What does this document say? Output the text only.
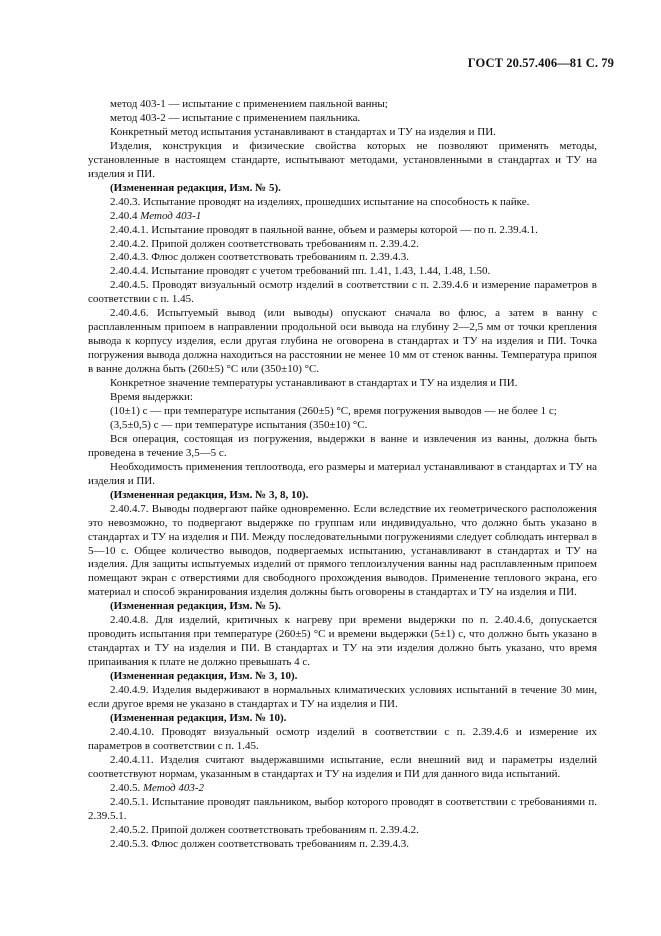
ГОСТ 20.57.406—81 С. 79

метод 403-1 — испытание с применением паяльной ванны;

метод 403-2 — испытание с применением паяльника.

Конкретный метод испытания устанавливают в стандартах и ТУ на изделия и ПИ.

Изделия, конструкция и физические свойства которых не позволяют применять методы, установленные в настоящем стандарте, испытывают методами, установленными в стандартах и ТУ на изделия и ПИ.

(Измененная редакция, Изм. № 5).

2.40.3. Испытание проводят на изделиях, прошедших испытание на способность к пайке.

2.40.4 Метод 403-1

2.40.4.1. Испытание проводят в паяльной ванне, объем и размеры которой — по п. 2.39.4.1.

2.40.4.2. Припой должен соответствовать требованиям п. 2.39.4.2.

2.40.4.3. Флюс должен соответствовать требованиям п. 2.39.4.3.

2.40.4.4. Испытание проводят с учетом требований пп. 1.41, 1.43, 1.44, 1.48, 1.50.

2.40.4.5. Проводят визуальный осмотр изделий в соответствии с п. 2.39.4.6 и измерение параметров в соответствии с п. 1.45.

2.40.4.6. Испытуемый вывод (или выводы) опускают сначала во флюс, а затем в ванну с расплавленным припоем в направлении продольной оси вывода на глубину 2—2,5 мм от точки крепления вывода к корпусу изделия, если другая глубина не оговорена в стандартах и ТУ на изделия и ПИ. Точка погружения вывода должна находиться на расстоянии не менее 10 мм от стенок ванны. Температура припоя в ванне должна быть (260±5) °С или (350±10) °С.

Конкретное значение температуры устанавливают в стандартах и ТУ на изделия и ПИ.

Время выдержки:

(10±1) с — при температуре испытания (260±5) °С, время погружения выводов — не более 1 с;

(3,5±0,5) с — при температуре испытания (350±10) °С.

Вся операция, состоящая из погружения, выдержки в ванне и извлечения из ванны, должна быть проведена в течение 3,5—5 с.

Необходимость применения теплоотвода, его размеры и материал устанавливают в стандартах и ТУ на изделия и ПИ.

(Измененная редакция, Изм. № 3, 8, 10).

2.40.4.7. Выводы подвергают пайке одновременно. Если вследствие их геометрического расположения это невозможно, то подвергают выдержке по группам или индивидуально, что должно быть указано в стандартах и ТУ на изделия и ПИ. Между последовательными погружениями следует соблюдать интервал в 5—10 с. Общее количество выводов, подвергаемых испытанию, устанавливают в стандартах и ТУ на изделия. Для защиты испытуемых изделий от прямого теплоизлучения ванны над расплавленным припоем помещают экран с отверстиями для свободного прохождения выводов. Применение теплового экрана, его материал и способ экранирования изделия должны быть оговорены в стандартах и ТУ на изделия и ПИ.

(Измененная редакция, Изм. № 5).

2.40.4.8. Для изделий, критичных к нагреву при времени выдержки по п. 2.40.4.6, допускается проводить испытания при температуре (260±5) °С и времени выдержки (5±1) с, что должно быть указано в стандартах и ТУ на изделия и ПИ. В стандартах и ТУ на эти изделия должно быть указано, что время припаивания к плате не должно превышать 4 с.

(Измененная редакция, Изм. № 3, 10).

2.40.4.9. Изделия выдерживают в нормальных климатических условиях испытаний в течение 30 мин, если другое время не указано в стандартах и ТУ на изделия и ПИ.

(Измененная редакция, Изм. № 10).

2.40.4.10. Проводят визуальный осмотр изделий в соответствии с п. 2.39.4.6 и измерение их параметров в соответствии с п. 1.45.

2.40.4.11. Изделия считают выдержавшими испытание, если внешний вид и параметры изделий соответствуют нормам, указанным в стандартах и ТУ на изделия и ПИ для данного вида испытаний.

2.40.5. Метод 403-2

2.40.5.1. Испытание проводят паяльником, выбор которого проводят в соответствии с требованиями п. 2.39.5.1.

2.40.5.2. Припой должен соответствовать требованиям п. 2.39.4.2.

2.40.5.3. Флюс должен соответствовать требованиям п. 2.39.4.3.
